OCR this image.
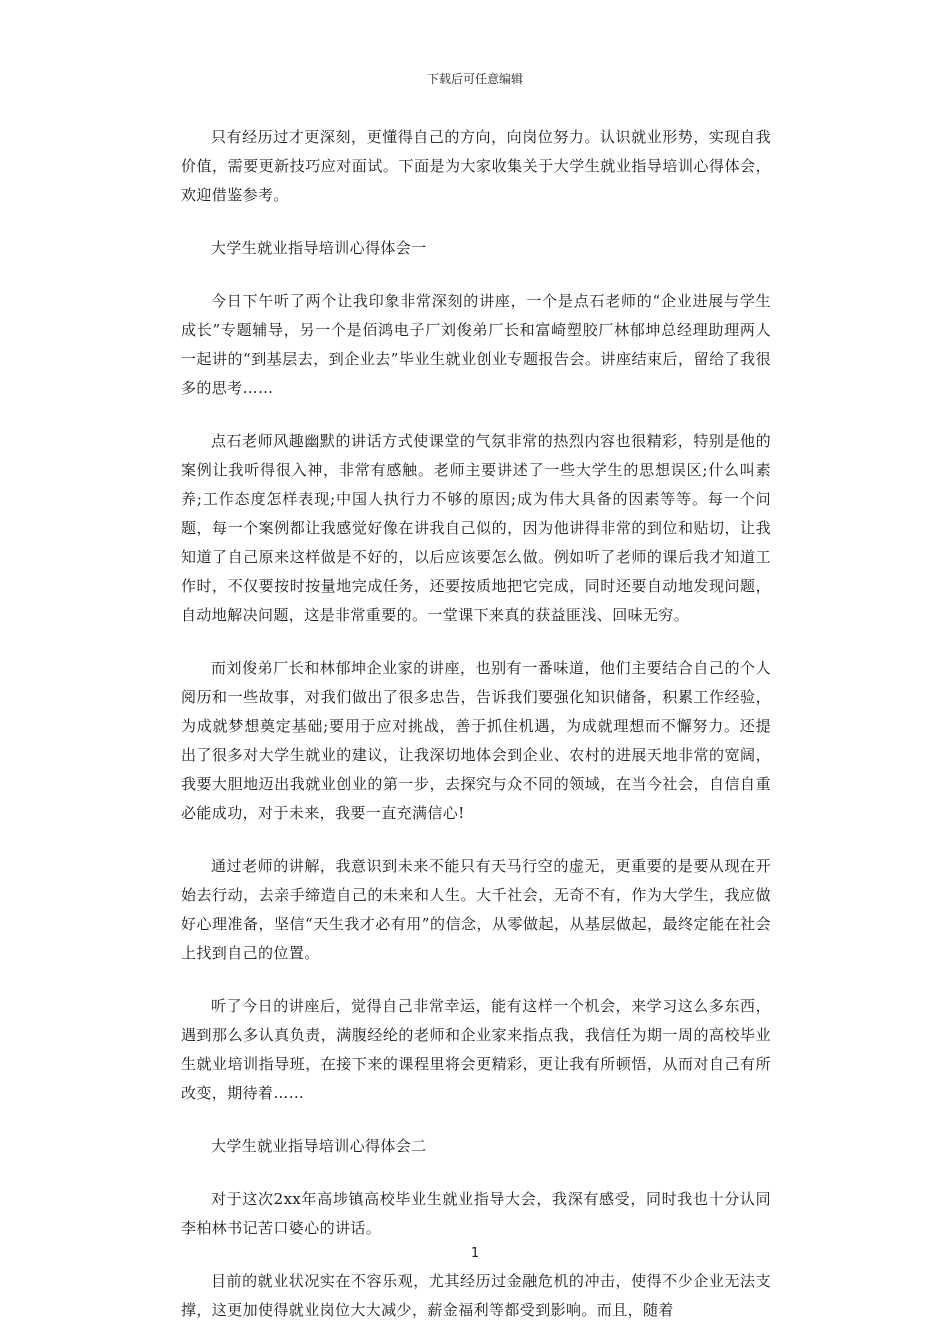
下载后可任意编辑

只有经历过才更深刻，更懂得自己的方向，向岗位努力。认识就业形势，实现自我价值，需要更新技巧应对面试。下面是为大家收集关于大学生就业指导培训心得体会，欢迎借鉴参考。

大学生就业指导培训心得体会一

今日下午听了两个让我印象非常深刻的讲座，一个是点石老师的“企业进展与学生成长”专题辅导，另一个是佰鸿电子厂刘俊弟厂长和富崎塑胶厂林郁坤总经理助理两人一起讲的“到基层去，到企业去”毕业生就业创业专题报告会。讲座结束后，留给了我很多的思考……

点石老师风趣幽默的讲话方式使课堂的气氛非常的热烈内容也很精彩，特别是他的案例让我听得很入神，非常有感触。老师主要讲述了一些大学生的思想误区;什么叫素养;工作态度怎样表现;中国人执行力不够的原因;成为伟大具备的因素等等。每一个问题，每一个案例都让我感觉好像在讲我自己似的，因为他讲得非常的到位和贴切，让我知道了自己原来这样做是不好的，以后应该要怎么做。例如听了老师的课后我才知道工作时，不仅要按时按量地完成任务，还要按质地把它完成，同时还要自动地发现问题，自动地解决问题，这是非常重要的。一堂课下来真的获益匪浅、回味无穷。

而刘俊弟厂长和林郁坤企业家的讲座，也别有一番味道，他们主要结合自己的个人阅历和一些故事，对我们做出了很多忠告，告诉我们要强化知识储备，积累工作经验，为成就梦想奠定基础;要用于应对挑战，善于抓住机遇，为成就理想而不懈努力。还提出了很多对大学生就业的建议，让我深切地体会到企业、农村的进展天地非常的宽阔，我要大胆地迈出我就业创业的第一步，去探究与众不同的领域，在当今社会，自信自重必能成功，对于未来，我要一直充满信心!

通过老师的讲解，我意识到未来不能只有天马行空的虚无，更重要的是要从现在开始去行动，去亲手缔造自己的未来和人生。大千社会，无奇不有，作为大学生，我应做好心理准备，坚信“天生我才必有用”的信念，从零做起，从基层做起，最终定能在社会上找到自己的位置。

听了今日的讲座后，觉得自己非常幸运，能有这样一个机会，来学习这么多东西，遇到那么多认真负责，满腹经纶的老师和企业家来指点我，我信任为期一周的高校毕业生就业培训指导班，在接下来的课程里将会更精彩，更让我有所顿悟，从而对自己有所改变，期待着……

大学生就业指导培训心得体会二

对于这次2xx年高埗镇高校毕业生就业指导大会，我深有感受，同时我也十分认同李柏林书记苦口婆心的讲话。

目前的就业状况实在不容乐观，尤其经历过金融危机的冲击，使得不少企业无法支撑，这更加使得就业岗位大大减少，薪金福利等都受到影响。而且，随着

1
